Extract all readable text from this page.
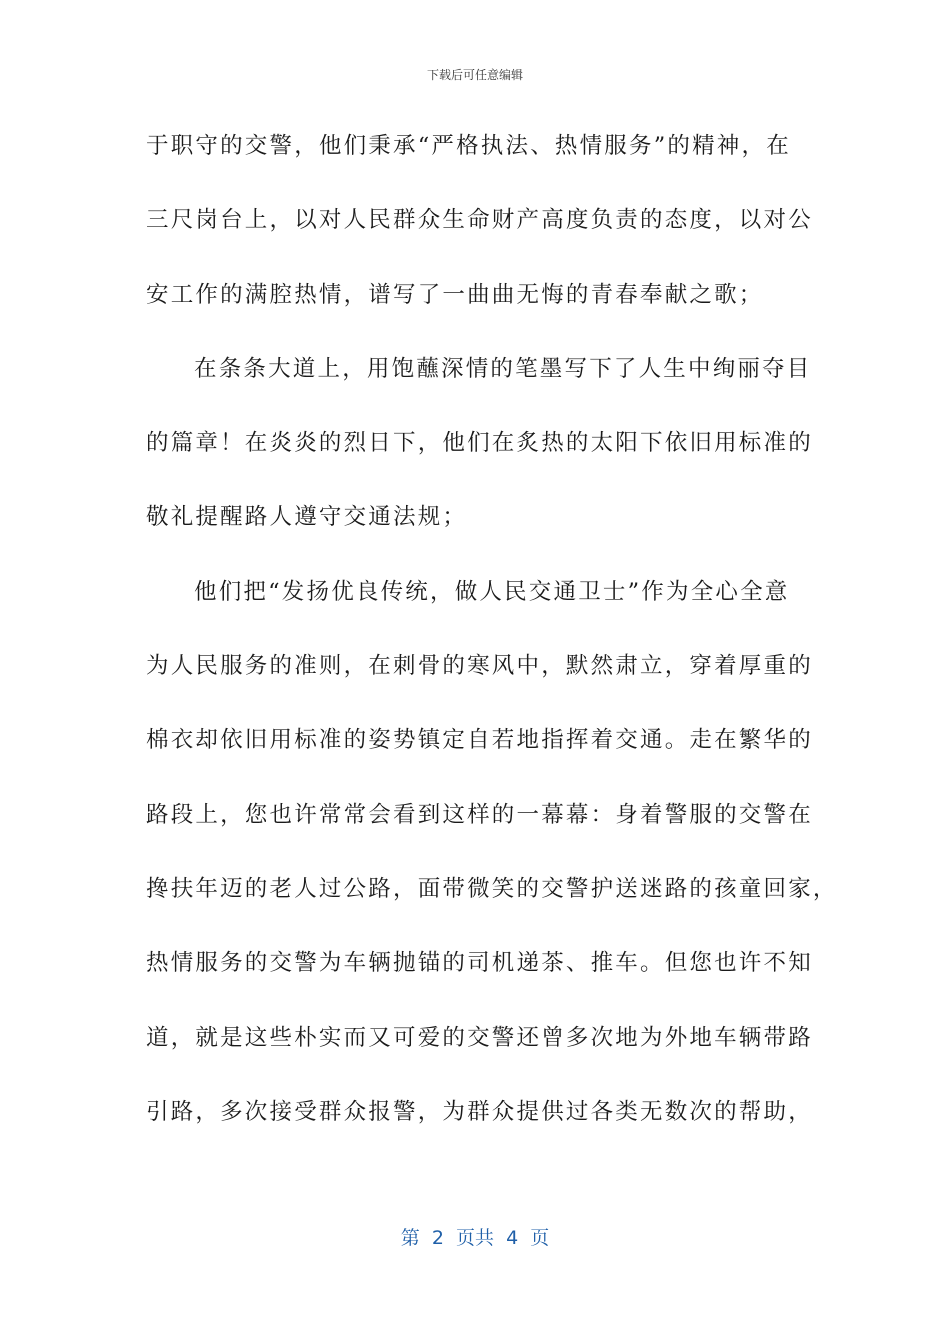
下载后可任意编辑
于职守的交警，他们秉承“严格执法、热情服务”的精神，在
三尺岗台上，以对人民群众生命财产高度负责的态度，以对公
安工作的满腔热情，谱写了一曲曲无悔的青春奉献之歌；
在条条大道上，用饱蘸深情的笔墨写下了人生中绚丽夺目
的篇章！在炎炎的烈日下，他们在炙热的太阳下依旧用标准的
敬礼提醒路人遵守交通法规；
他们把“发扬优良传统，做人民交通卫士”作为全心全意
为人民服务的准则，在刺骨的寒风中，默然肃立，穿着厚重的
棉衣却依旧用标准的姿势镇定自若地指挥着交通。走在繁华的
路段上，您也许常常会看到这样的一幕幕：身着警服的交警在
搀扶年迈的老人过公路，面带微笑的交警护送迷路的孩童回家，
热情服务的交警为车辆抛锚的司机递茶、推车。但您也许不知
道，就是这些朴实而又可爱的交警还曾多次地为外地车辆带路
引路，多次接受群众报警，为群众提供过各类无数次的帮助，
第  2  页共  4  页
